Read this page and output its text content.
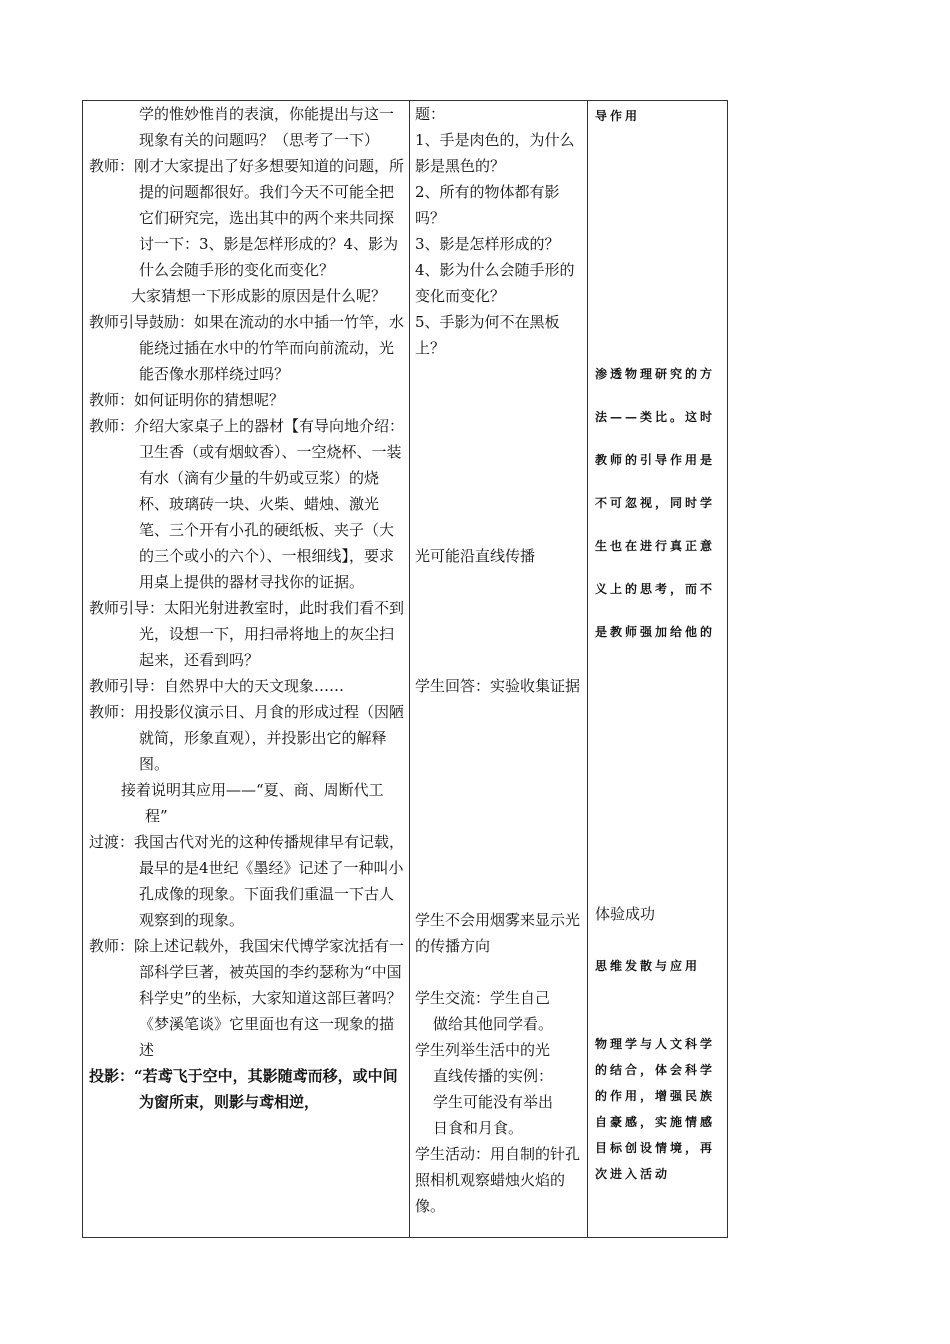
学的惟妙惟肖的表演，你能提出与这一现象有关的问题吗？（思考了一下）

教师：刚才大家提出了好多想要知道的问题，所提的问题都很好。我们今天不可能全把它们研究完，选出其中的两个来共同探讨一下：3、影是怎样形成的？4、影为什么会随手形的变化而变化？

大家猜想一下形成影的原因是什么呢？

教师引导鼓励：如果在流动的水中插一竹竿，水能绕过插在水中的竹竿而向前流动，光能否像水那样绕过吗？

教师：如何证明你的猜想呢？

教师：介绍大家桌子上的器材【有导向地介绍：卫生香（或有烟蚊香）、一空烧杯、一装有水（滴有少量的牛奶或豆浆）的烧杯、玻璃砖一块、火柴、蜡烛、激光笔、三个开有小孔的硬纸板、夹子（大的三个或小的六个）、一根细线】，要求用桌上提供的器材寻找你的证据。

教师引导：太阳光射进教室时，此时我们看不到光，设想一下，用扫帚将地上的灰尘扫起来，还看到吗？

教师引导：自然界中大的天文现象……

教师：用投影仪演示日、月食的形成过程（因陋就简，形象直观），并投影出它的解释图。

接着说明其应用——“夏、商、周断代工程”

过渡：我国古代对光的这种传播规律早有记载，最早的是4世纪《墨经》记述了一种叫小孔成像的现象。下面我们重温一下古人观察到的现象。

教师：除上述记载外，我国宋代博学家沈括有一部科学巨著，被英国的李约瑟称为“中国科学史”的坐标，大家知道这部巨著吗？《梦溪笔谈》它里面也有这一现象的描述

投影：“若鸢飞于空中，其影随鸢而移，或中间为窗所束，则影与鸢相逆，

题：

1、手是肉色的，为什么影是黑色的？

2、所有的物体都有影吗？

3、影是怎样形成的？

4、影为什么会随手形的变化而变化？

5、手影为何不在黑板上？

光可能沿直线传播

学生回答：实验收集证据

学生不会用烟雾来显示光的传播方向

学生交流：学生自己

做给其他同学看。

学生列举生活中的光

直线传播的实例：

学生可能没有举出

日食和月食。

学生活动：用自制的针孔照相机观察蜡烛火焰的像。

导作用

渗透物理研究的方法——类比。这时教师的引导作用是不可忽视，同时学生也在进行真正意义上的思考，而不是教师强加给他的

体验成功

思维发散与应用

物理学与人文科学的结合，体会科学的作用，增强民族自豪感，实施情感目标创设情境，再次进入活动
